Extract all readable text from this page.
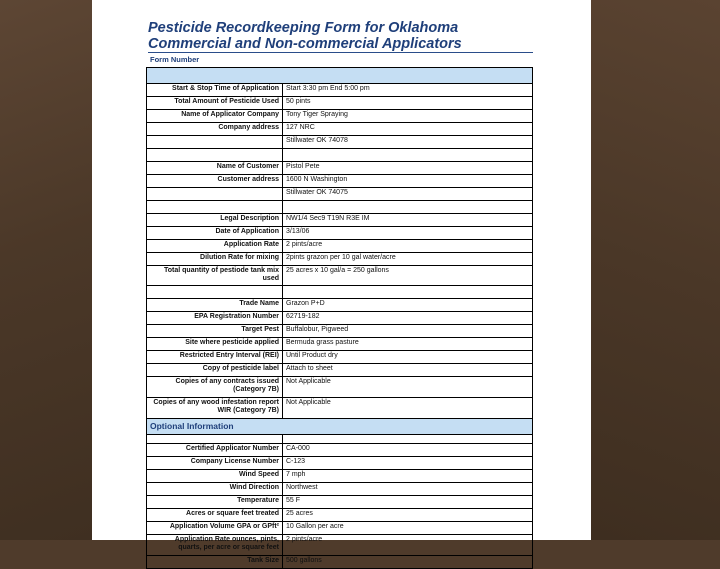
Pesticide Recordkeeping Form for Oklahoma
Commercial and Non-commercial Applicators
Form Number

Start & Stop Time of Application	Start 3:30 pm End 5:00 pm
Total Amount of Pesticide Used	50 pints
Name of Applicator Company	Tony Tiger Spraying
Company address	127 NRC
	Stillwater OK 74078

Name of Customer	Pistol Pete
Customer address	1600 N Washington
	Stillwater OK 74075

Legal Description	NW1/4 Sec9 T19N R3E IM
Date of Application	3/13/06
Application Rate	2 pints/acre
Dilution Rate for mixing	2pints grazon per 10 gal water/acre
Total quantity of pestiode tank mix used	25 acres x 10 gal/a = 250 gallons

Trade Name	Grazon P+D
EPA Registration Number	62719-182
Target Pest	Buffalobur, Pigweed
Site where pesticide applied	Bermuda grass pasture
Restricted Entry Interval (REI)	Until Product dry
Copy of pesticide label	Attach to sheet
Copies of any contracts issued (Category 7B)	Not Applicable
Copies of any wood infestation report WIR (Category 7B)	Not Applicable
Optional Information	

Certified Applicator Number	CA-000
Company License Number	C-123
Wind Speed	7 mph
Wind Direction	Northwest
Temperature	55 F
Acres or square feet treated	25 acres
Application Volume GPA or GPft²	10 Gallon per acre
Application Rate ounces, pints, quarts, per acre or square feet	2 pints/acre
Tank Size	500 gallons
